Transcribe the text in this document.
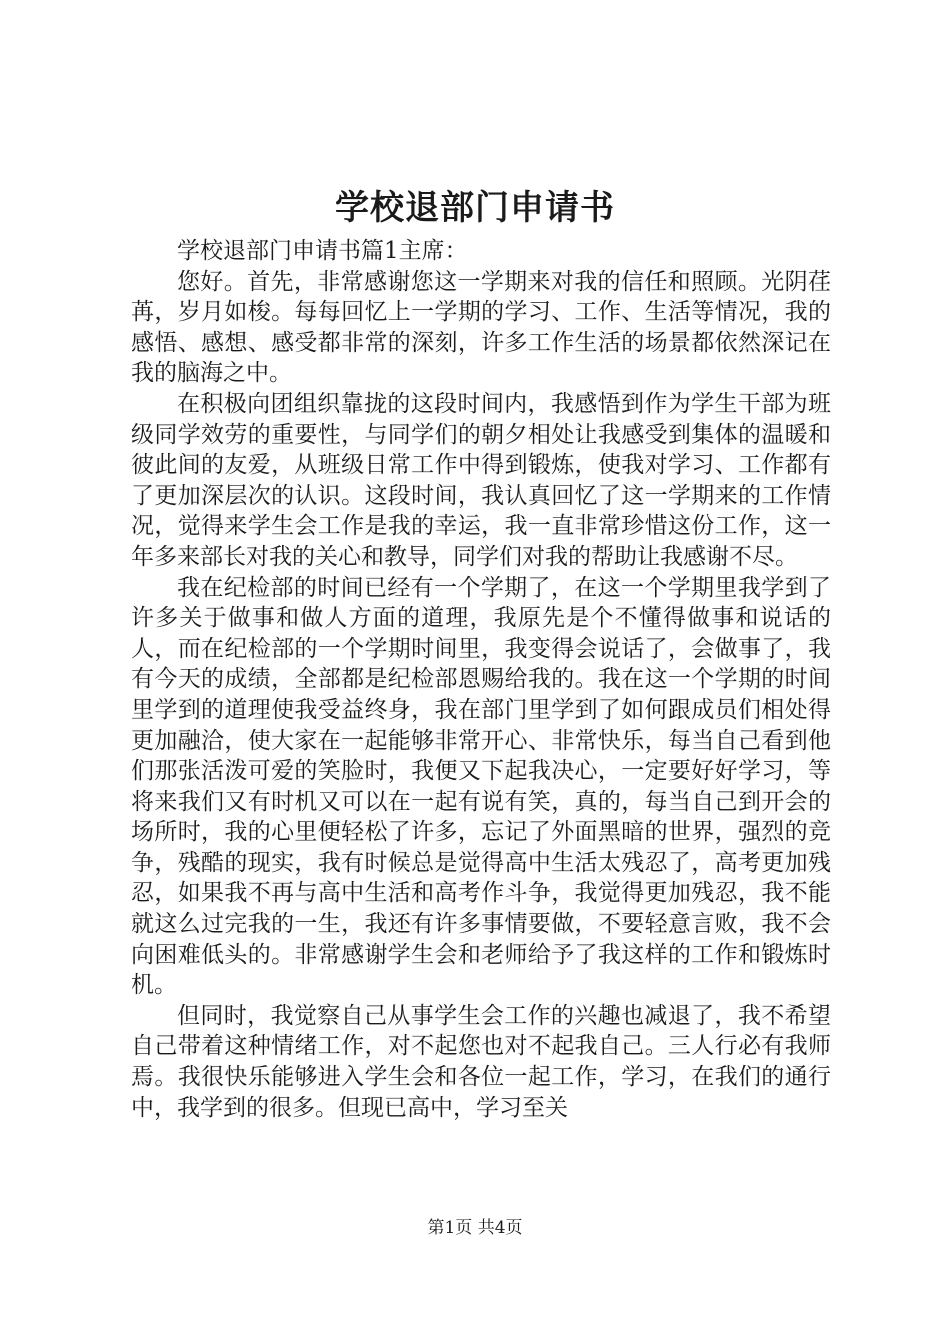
学校退部门申请书

学校退部门申请书篇1主席：

您好。首先，非常感谢您这一学期来对我的信任和照顾。光阴荏苒，岁月如梭。每每回忆上一学期的学习、工作、生活等情况，我的感悟、感想、感受都非常的深刻，许多工作生活的场景都依然深记在我的脑海之中。

在积极向团组织靠拢的这段时间内，我感悟到作为学生干部为班级同学效劳的重要性，与同学们的朝夕相处让我感受到集体的温暖和彼此间的友爱，从班级日常工作中得到锻炼，使我对学习、工作都有了更加深层次的认识。这段时间，我认真回忆了这一学期来的工作情况，觉得来学生会工作是我的幸运，我一直非常珍惜这份工作，这一年多来部长对我的关心和教导，同学们对我的帮助让我感谢不尽。

我在纪检部的时间已经有一个学期了，在这一个学期里我学到了许多关于做事和做人方面的道理，我原先是个不懂得做事和说话的人，而在纪检部的一个学期时间里，我变得会说话了，会做事了，我有今天的成绩，全部都是纪检部恩赐给我的。我在这一个学期的时间里学到的道理使我受益终身，我在部门里学到了如何跟成员们相处得更加融洽，使大家在一起能够非常开心、非常快乐，每当自己看到他们那张活泼可爱的笑脸时，我便又下起我决心，一定要好好学习，等将来我们又有时机又可以在一起有说有笑，真的，每当自己到开会的场所时，我的心里便轻松了许多，忘记了外面黑暗的世界，强烈的竞争，残酷的现实，我有时候总是觉得高中生活太残忍了，高考更加残忍，如果我不再与高中生活和高考作斗争，我觉得更加残忍，我不能就这么过完我的一生，我还有许多事情要做，不要轻意言败，我不会向困难低头的。非常感谢学生会和老师给予了我这样的工作和锻炼时机。

但同时，我觉察自己从事学生会工作的兴趣也减退了，我不希望自己带着这种情绪工作，对不起您也对不起我自己。三人行必有我师焉。我很快乐能够进入学生会和各位一起工作，学习，在我们的通行中，我学到的很多。但现已高中，学习至关

第1页 共4页
